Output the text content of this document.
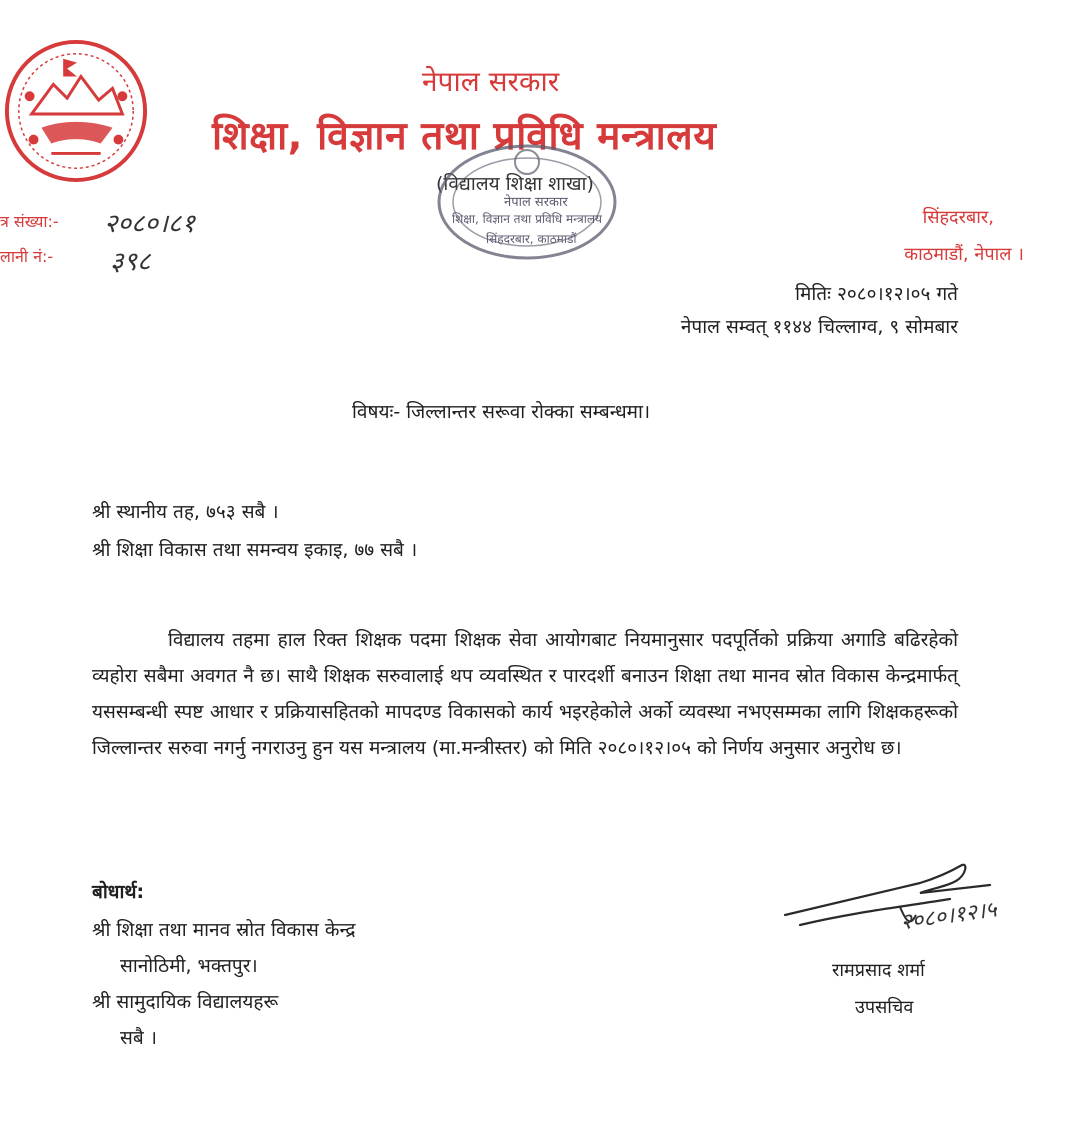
नेपाल सरकार
शिक्षा, विज्ञान तथा प्रविधि मन्त्रालय
(विद्यालय शिक्षा शाखा)
नेपाल सरकार
शिक्षा, विज्ञान तथा प्रविधि मन्त्रालय
सिंहदरबार, काठमाडौं
त्र संख्या:- २०८०।८१
लानी नं:- ३९८
सिंहदरबार,
काठमाडौं, नेपाल ।
मितिः २०८०।१२।०५ गते
नेपाल सम्वत् ११४४ चिल्लाग्व, ९ सोमबार
विषयः- जिल्लान्तर सरूवा रोक्का सम्बन्धमा।
श्री स्थानीय तह, ७५३ सबै ।
श्री शिक्षा विकास तथा समन्वय इकाइ, ७७ सबै ।
विद्यालय तहमा हाल रिक्त शिक्षक पदमा शिक्षक सेवा आयोगबाट नियमानुसार पदपूर्तिको प्रक्रिया अगाडि बढिरहेको व्यहोरा सबैमा अवगत नै छ। साथै शिक्षक सरुवालाई थप व्यवस्थित र पारदर्शी बनाउन शिक्षा तथा मानव स्रोत विकास केन्द्रमार्फत् यससम्बन्धी स्पष्ट आधार र प्रक्रियासहितको मापदण्ड विकासको कार्य भइरहेकोले अर्को व्यवस्था नभएसम्मका लागि शिक्षकहरूको जिल्लान्तर सरुवा नगर्नु नगराउनु हुन यस मन्त्रालय (मा.मन्त्रीस्तर) को मिति २०८०।१२।०५ को निर्णय अनुसार अनुरोध छ।
बोधार्थ:
श्री शिक्षा तथा मानव स्रोत विकास केन्द्र
सानोठिमी, भक्तपुर।
श्री सामुदायिक विद्यालयहरू
सबै ।
२०८०।१२।५
रामप्रसाद शर्मा
उपसचिव
